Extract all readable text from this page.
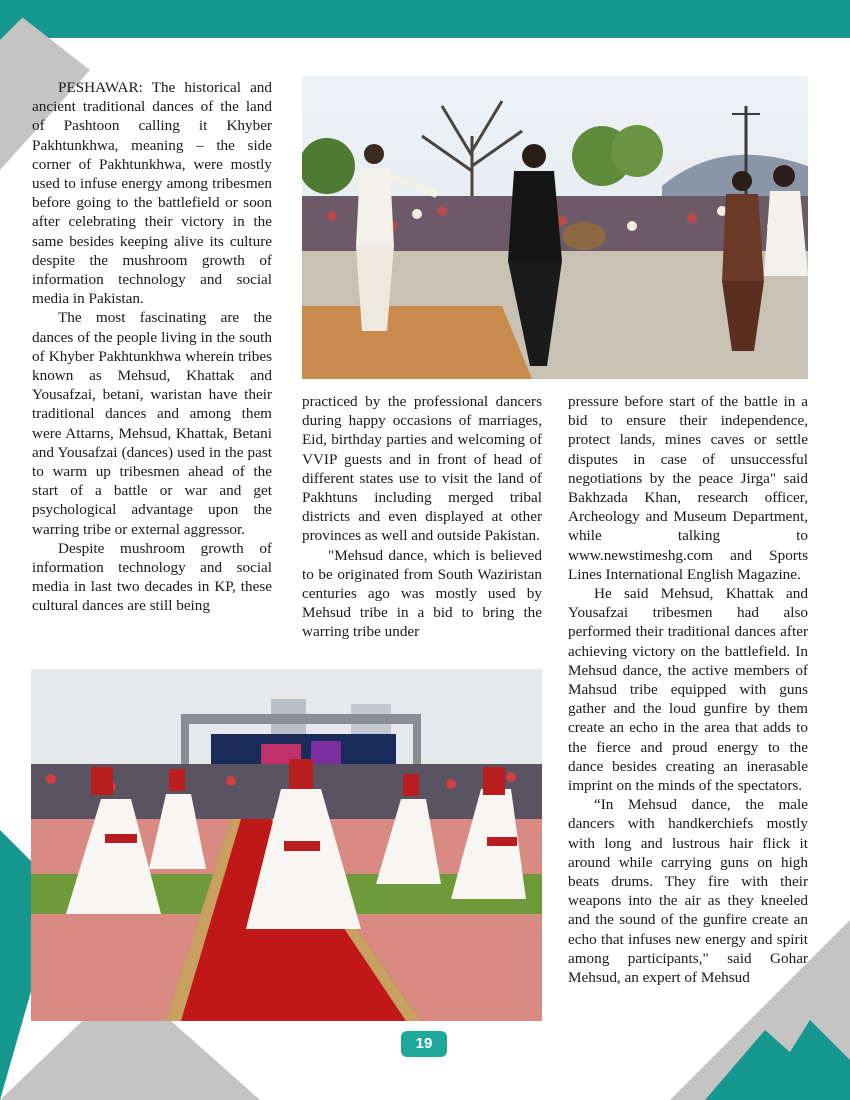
PESHAWAR: The historical and ancient traditional dances of the land of Pashtoon calling it Khyber Pakhtunkhwa, meaning – the side corner of Pakhtunkhwa, were mostly used to infuse energy among tribesmen before going to the battlefield or soon after celebrating their victory in the same besides keeping alive its culture despite the mushroom growth of information technology and social media in Pakistan.

The most fascinating are the dances of the people living in the south of Khyber Pakhtunkhwa wherein tribes known as Mehsud, Khattak and Yousafzai, betani, waristan have their traditional dances and among them were Attarns, Mehsud, Khattak, Betani and Yousafzai (dances) used in the past to warm up tribesmen ahead of the start of a battle or war and get psychological advantage upon the warring tribe or external aggressor.

Despite mushroom growth of information technology and social media in last two decades in KP, these cultural dances are still being

practiced by the professional dancers during happy occasions of marriages, Eid, birthday parties and welcoming of VVIP guests and in front of head of different states use to visit the land of Pakhtuns including merged tribal districts and even displayed at other provinces as well and outside Pakistan.

"Mehsud dance, which is believed to be originated from South Waziristan centuries ago was mostly used by Mehsud tribe in a bid to bring the warring tribe under

pressure before start of the battle in a bid to ensure their independence, protect lands, mines caves or settle disputes in case of unsuccessful negotiations by the peace Jirga" said Bakhzada Khan, research officer, Archeology and Museum Department, while talking to www.newstimeshg.com and Sports Lines International English Magazine.

He said Mehsud, Khattak and Yousafzai tribesmen had also performed their traditional dances after achieving victory on the battlefield. In Mehsud dance, the active members of Mahsud tribe equipped with guns gather and the loud gunfire by them create an echo in the area that adds to the fierce and proud energy to the dance besides creating an inerasable imprint on the minds of the spectators.

“In Mehsud dance, the male dancers with handkerchiefs mostly with long and lustrous hair flick it around while carrying guns on high beats drums. They fire with their weapons into the air as they kneeled and the sound of the gunfire create an echo that infuses new energy and spirit among participants," said Gohar Mehsud, an expert of Mehsud

19
